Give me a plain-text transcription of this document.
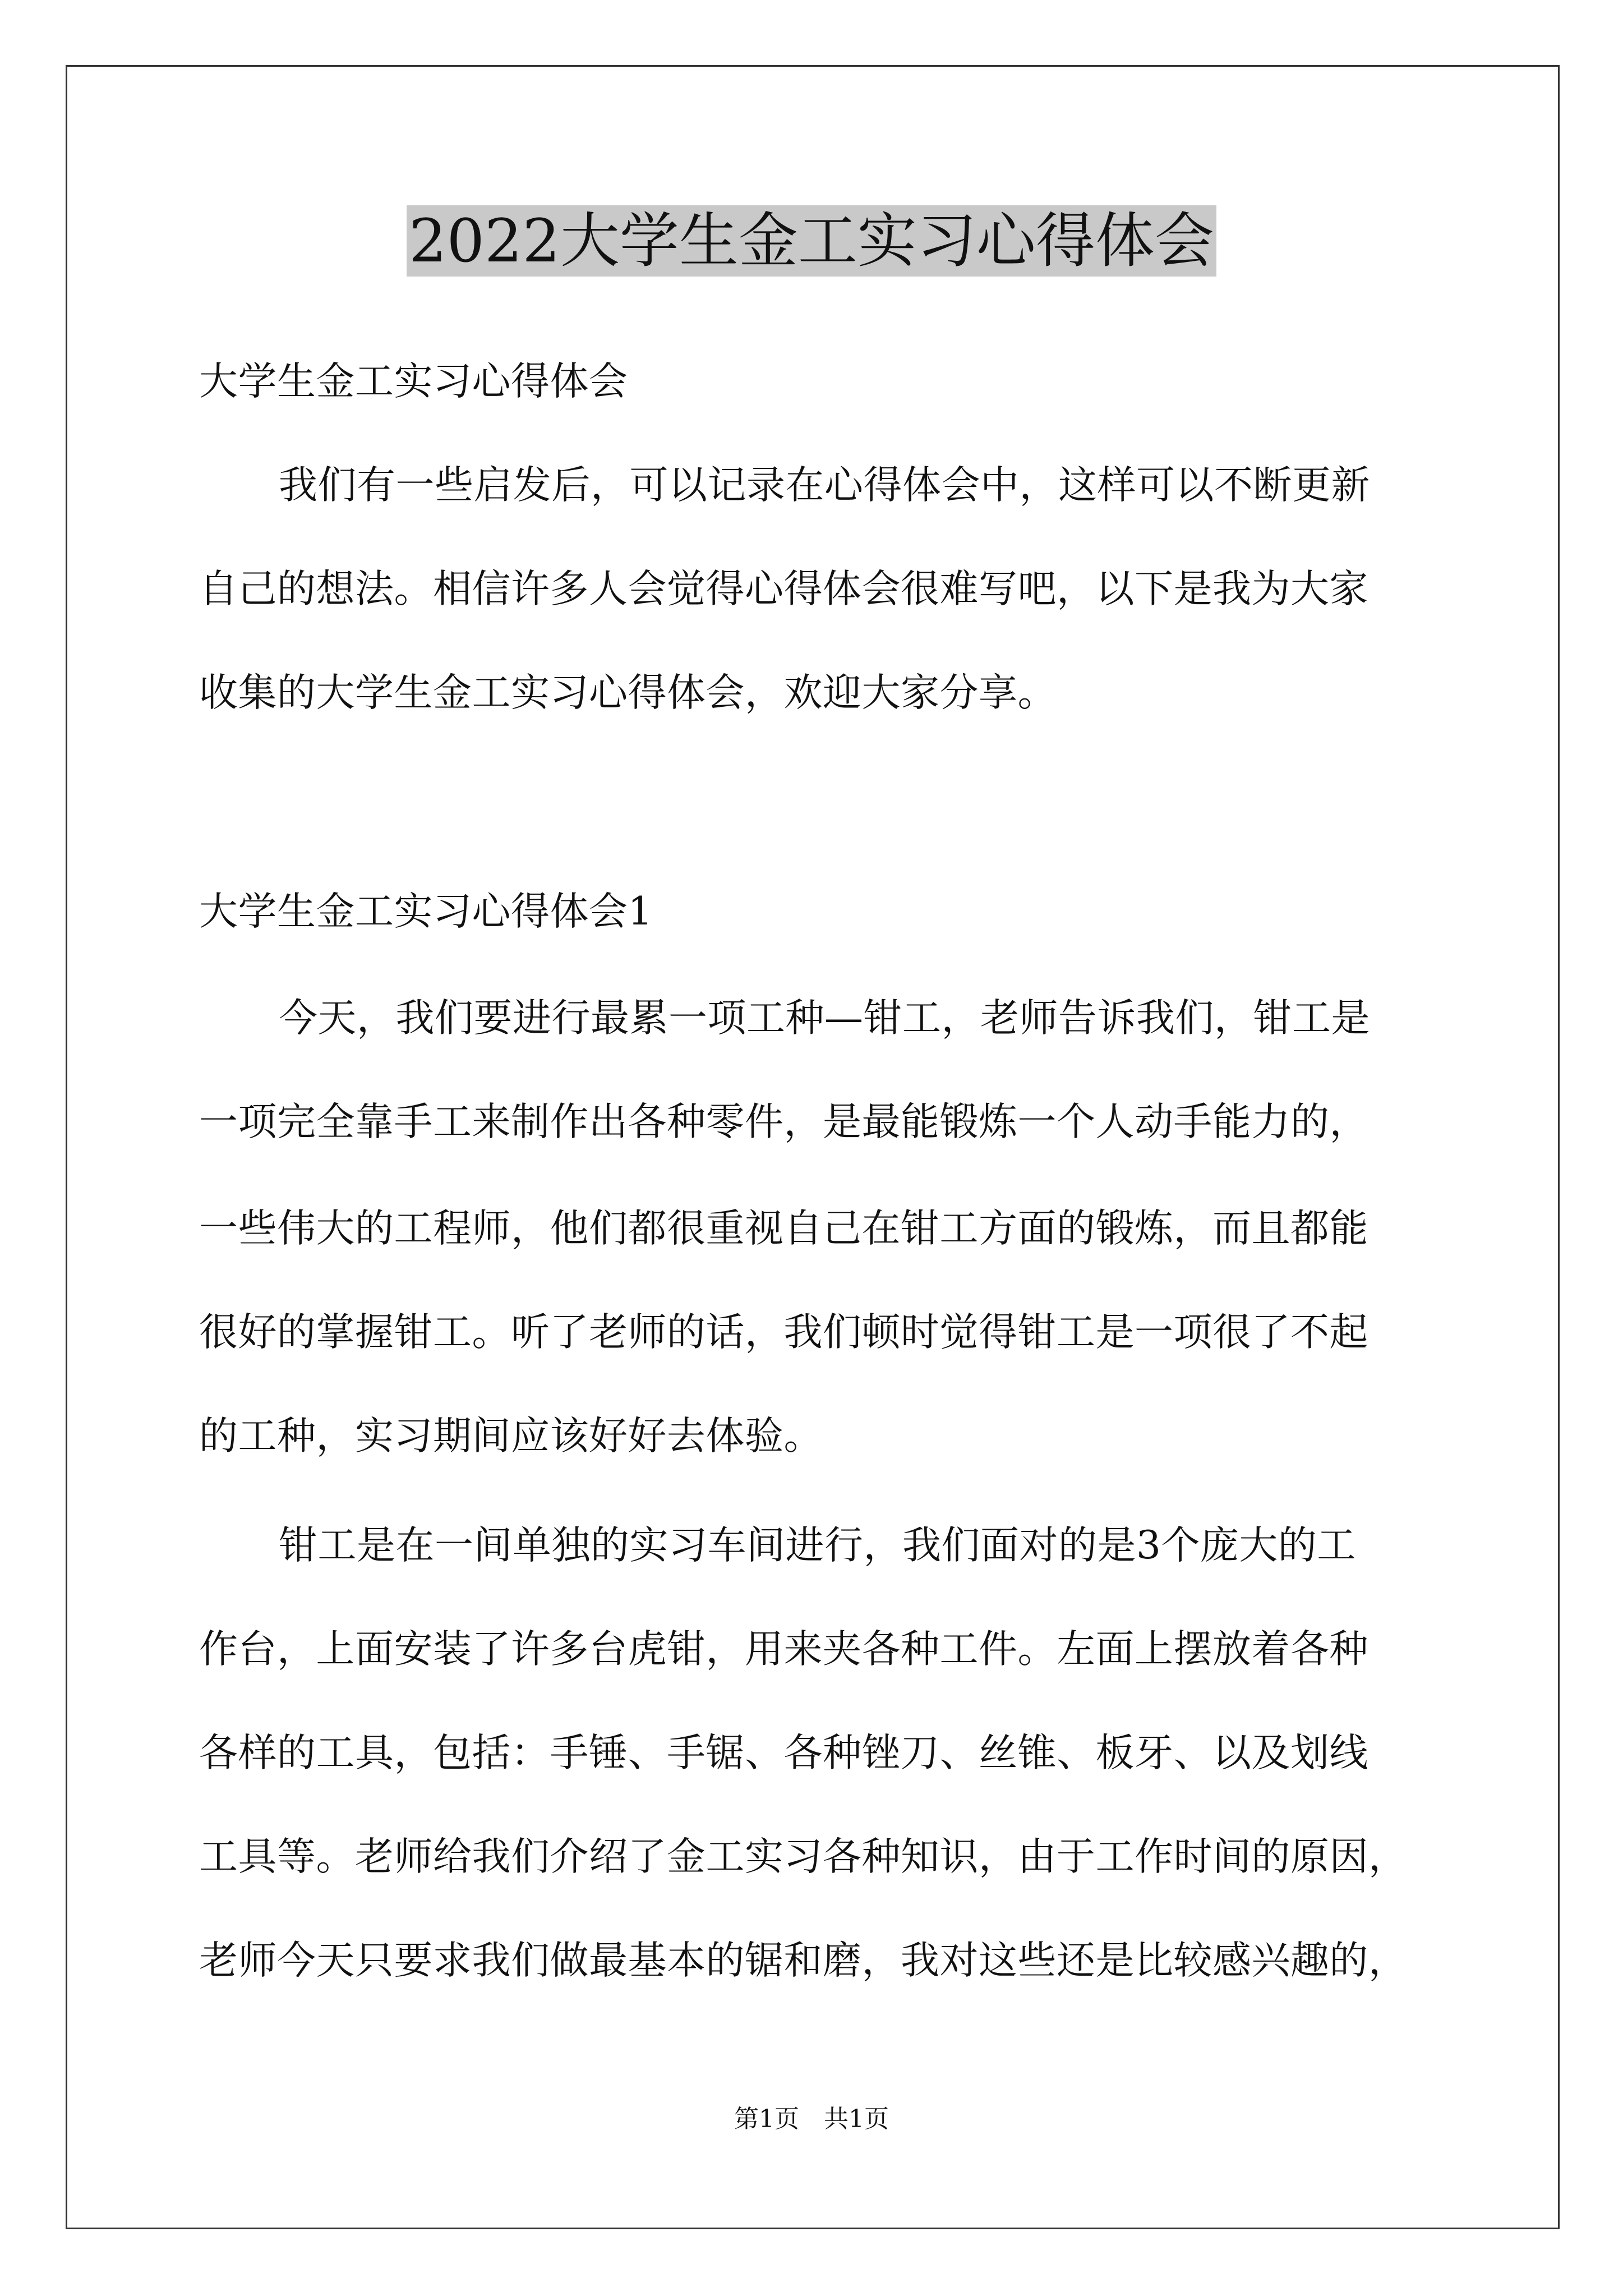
2022大学生金工实习心得体会
大学生金工实习心得体会
我们有一些启发后，可以记录在心得体会中，这样可以不断更新
自己的想法。相信许多人会觉得心得体会很难写吧，以下是我为大家
收集的大学生金工实习心得体会，欢迎大家分享。
大学生金工实习心得体会1
今天，我们要进行最累一项工种—钳工，老师告诉我们，钳工是
一项完全靠手工来制作出各种零件，是最能锻炼一个人动手能力的，
一些伟大的工程师，他们都很重视自己在钳工方面的锻炼，而且都能
很好的掌握钳工。听了老师的话，我们顿时觉得钳工是一项很了不起
的工种，实习期间应该好好去体验。
钳工是在一间单独的实习车间进行，我们面对的是3个庞大的工
作台，上面安装了许多台虎钳，用来夹各种工件。左面上摆放着各种
各样的工具，包括：手锤、手锯、各种锉刀、丝锥、板牙、以及划线
工具等。老师给我们介绍了金工实习各种知识，由于工作时间的原因，
老师今天只要求我们做最基本的锯和磨，我对这些还是比较感兴趣的，
第1页　共1页
